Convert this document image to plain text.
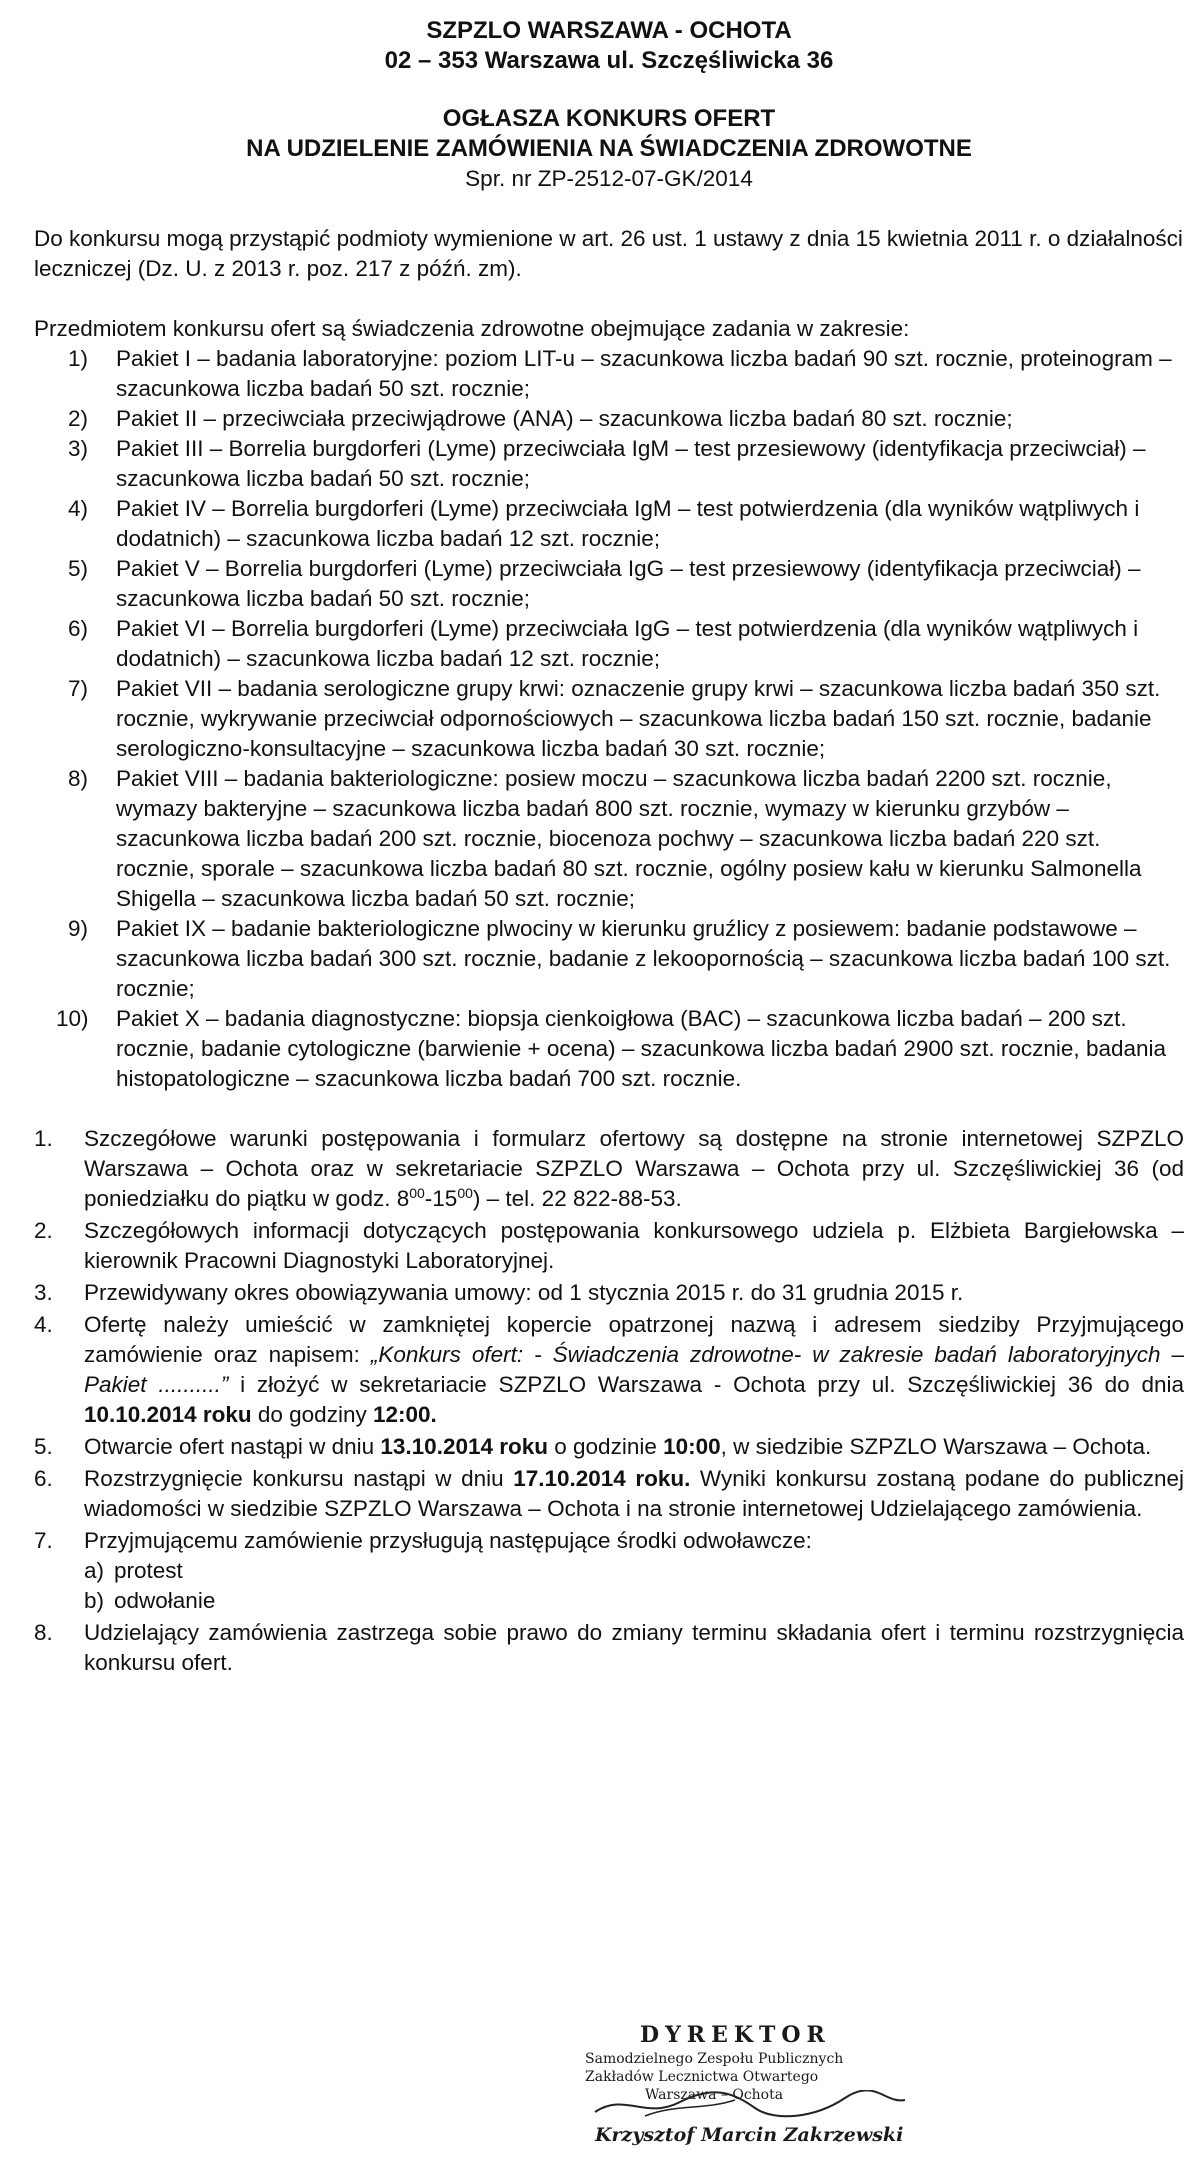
SZPZLO WARSZAWA - OCHOTA

02 – 353 Warszawa ul. Szczęśliwicka 36

OGŁASZA KONKURS OFERT

NA UDZIELENIE ZAMÓWIENIA NA ŚWIADCZENIA ZDROWOTNE

Spr. nr ZP-2512-07-GK/2014

Do konkursu mogą przystąpić podmioty wymienione w art. 26 ust. 1 ustawy z dnia 15 kwietnia 2011 r. o działalności leczniczej (Dz. U. z 2013 r. poz. 217 z późń. zm).

Przedmiotem konkursu ofert są świadczenia zdrowotne obejmujące zadania w zakresie:

1) Pakiet I – badania laboratoryjne: poziom LIT-u – szacunkowa liczba badań 90 szt. rocznie, proteinogram – szacunkowa liczba badań 50 szt. rocznie;
2) Pakiet II – przeciwciała przeciwjądrowe (ANA) – szacunkowa liczba badań 80 szt. rocznie;
3) Pakiet III – Borrelia burgdorferi (Lyme) przeciwciała IgM – test przesiewowy (identyfikacja przeciwciał) – szacunkowa liczba badań 50 szt. rocznie;
4) Pakiet IV – Borrelia burgdorferi (Lyme) przeciwciała IgM – test potwierdzenia (dla wyników wątpliwych i dodatnich) – szacunkowa liczba badań 12 szt. rocznie;
5) Pakiet V – Borrelia burgdorferi (Lyme) przeciwciała IgG – test przesiewowy (identyfikacja przeciwciał) – szacunkowa liczba badań 50 szt. rocznie;
6) Pakiet VI – Borrelia burgdorferi (Lyme) przeciwciała IgG – test potwierdzenia (dla wyników wątpliwych i dodatnich) – szacunkowa liczba badań 12 szt. rocznie;
7) Pakiet VII – badania serologiczne grupy krwi: oznaczenie grupy krwi – szacunkowa liczba badań 350 szt. rocznie, wykrywanie przeciwciał odpornościowych – szacunkowa liczba badań 150 szt. rocznie, badanie serologiczno-konsultacyjne – szacunkowa liczba badań 30 szt. rocznie;
8) Pakiet VIII – badania bakteriologiczne: posiew moczu – szacunkowa liczba badań 2200 szt. rocznie, wymazy bakteryjne – szacunkowa liczba badań 800 szt. rocznie, wymazy w kierunku grzybów – szacunkowa liczba badań 200 szt. rocznie, biocenoza pochwy – szacunkowa liczba badań 220 szt. rocznie, sporale – szacunkowa liczba badań 80 szt. rocznie, ogólny posiew kału w kierunku Salmonella Shigella – szacunkowa liczba badań 50 szt. rocznie;
9) Pakiet IX – badanie bakteriologiczne plwociny w kierunku gruźlicy z posiewem: badanie podstawowe – szacunkowa liczba badań 300 szt. rocznie, badanie z lekoopornością – szacunkowa liczba badań 100 szt. rocznie;
10) Pakiet X – badania diagnostyczne: biopsja cienkoigłowa (BAC) – szacunkowa liczba badań – 200 szt. rocznie, badanie cytologiczne (barwienie + ocena) – szacunkowa liczba badań 2900 szt. rocznie, badania histopatologiczne – szacunkowa liczba badań 700 szt. rocznie.
1. Szczegółowe warunki postępowania i formularz ofertowy są dostępne na stronie internetowej SZPZLO Warszawa – Ochota oraz w sekretariacie SZPZLO Warszawa – Ochota przy ul. Szczęśliwickiej 36 (od poniedziałku do piątku w godz. $8^{00}-15^{00}$) – tel. 22 822-88-53.
2. Szczegółowych informacji dotyczących postępowania konkursowego udziela p. Elżbieta Bargiełowska – kierownik Pracowni Diagnostyki Laboratoryjnej.
3. Przewidywany okres obowiązywania umowy: od 1 stycznia 2015 r. do 31 grudnia 2015 r.
4. Ofertę należy umieścić w zamkniętej kopercie opatrzonej nazwą i adresem siedziby Przyjmującego zamówienie oraz napisem: „Konkurs ofert: - Świadczenia zdrowotne- w zakresie badań laboratoryjnych – Pakiet ..........” i złożyć w sekretariacie SZPZLO Warszawa - Ochota przy ul. Szczęśliwickiej 36 do dnia 10.10.2014 roku do godziny 12:00.
5. Otwarcie ofert nastąpi w dniu 13.10.2014 roku o godzinie 10:00, w siedzibie SZPZLO Warszawa – Ochota.
6. Rozstrzygnięcie konkursu nastąpi w dniu 17.10.2014 roku. Wyniki konkursu zostaną podane do publicznej wiadomości w siedzibie SZPZLO Warszawa – Ochota i na stronie internetowej Udzielającego zamówienia.
7. Przyjmującemu zamówienie przysługują następujące środki odwoławcze:
a) protest
b) odwołanie
8. Udzielający zamówienia zastrzega sobie prawo do zmiany terminu składania ofert i terminu rozstrzygnięcia konkursu ofert.
DYREKTOR
Samodzielnego Zespołu Publicznych
Zakładów Lecznictwa Otwartego
Warszawa – Ochota
Krzysztof Marcin Zakrzewski
